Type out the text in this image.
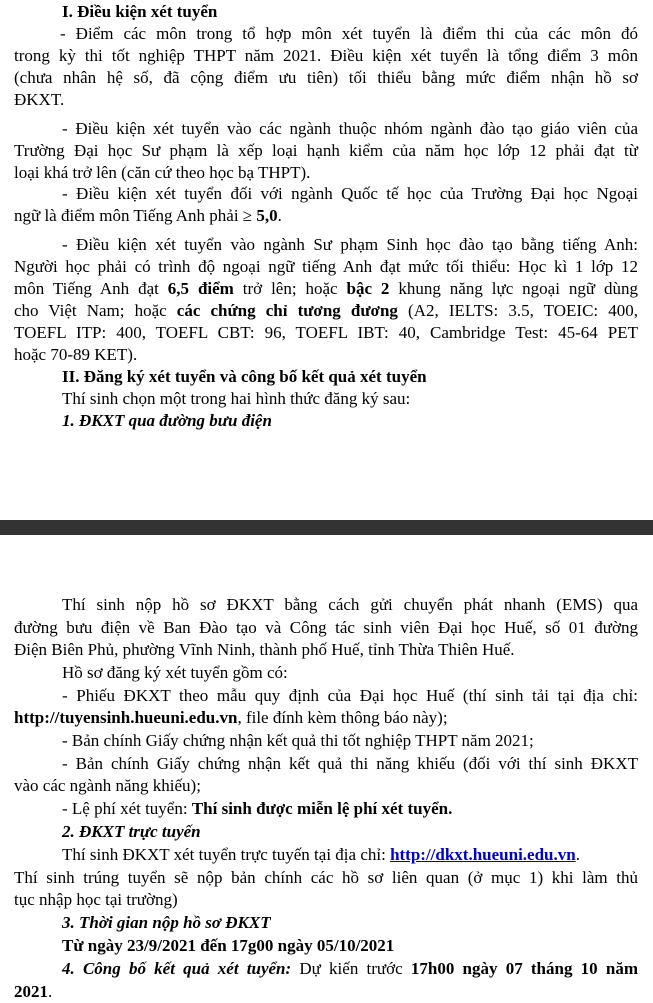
I. Điều kiện xét tuyển

- Điểm các môn trong tổ hợp môn xét tuyển là điểm thi của các môn đó

trong kỳ thi tốt nghiệp THPT năm 2021. Điều kiện xét tuyển là tổng điểm 3 môn

(chưa nhân hệ số, đã cộng điểm ưu tiên) tối thiểu bằng mức điểm nhận hồ sơ

ĐKXT.

- Điều kiện xét tuyển vào các ngành thuộc nhóm ngành đào tạo giáo viên của

Trường Đại học Sư phạm là xếp loại hạnh kiểm của năm học lớp 12 phải đạt từ

loại khá trở lên (căn cứ theo học bạ THPT).

- Điều kiện xét tuyển đối với ngành Quốc tế học của Trường Đại học Ngoại

ngữ là điểm môn Tiếng Anh phải ≥ 5,0.

- Điều kiện xét tuyển vào ngành Sư phạm Sinh học đào tạo bằng tiếng Anh:

Người học phải có trình độ ngoại ngữ tiếng Anh đạt mức tối thiểu: Học kì 1 lớp 12

môn Tiếng Anh đạt 6,5 điểm trở lên; hoặc bậc 2 khung năng lực ngoại ngữ dùng

cho Việt Nam; hoặc các chứng chỉ tương đương (A2, IELTS: 3.5, TOEIC: 400,

TOEFL ITP: 400, TOEFL CBT: 96, TOEFL IBT: 40, Cambridge Test: 45-64 PET

hoặc 70-89 KET).

II. Đăng ký xét tuyển và công bố kết quả xét tuyển

Thí sinh chọn một trong hai hình thức đăng ký sau:

1. ĐKXT qua đường bưu điện

Thí sinh nộp hồ sơ ĐKXT bằng cách gửi chuyển phát nhanh (EMS) qua

đường bưu điện về Ban Đào tạo và Công tác sinh viên Đại học Huế, số 01 đường

Điện Biên Phủ, phường Vĩnh Ninh, thành phố Huế, tỉnh Thừa Thiên Huế.

Hồ sơ đăng ký xét tuyển gồm có:

- Phiếu ĐKXT theo mẫu quy định của Đại học Huế (thí sinh tải tại địa chỉ:

http://tuyensinh.hueuni.edu.vn, file đính kèm thông báo này);

- Bản chính Giấy chứng nhận kết quả thi tốt nghiệp THPT năm 2021;

- Bản chính Giấy chứng nhận kết quả thi năng khiếu (đối với thí sinh ĐKXT

vào các ngành năng khiếu);

- Lệ phí xét tuyển: Thí sinh được miễn lệ phí xét tuyển.

2. ĐKXT trực tuyến

Thí sinh ĐKXT xét tuyển trực tuyến tại địa chỉ: http://dkxt.hueuni.edu.vn.

Thí sinh trúng tuyển sẽ nộp bản chính các hồ sơ liên quan (ở mục 1) khi làm thủ

tục nhập học tại trường)

3. Thời gian nộp hồ sơ ĐKXT

Từ ngày 23/9/2021 đến 17g00 ngày 05/10/2021

4. Công bố kết quả xét tuyển: Dự kiến trước 17h00 ngày 07 tháng 10 năm

2021.
